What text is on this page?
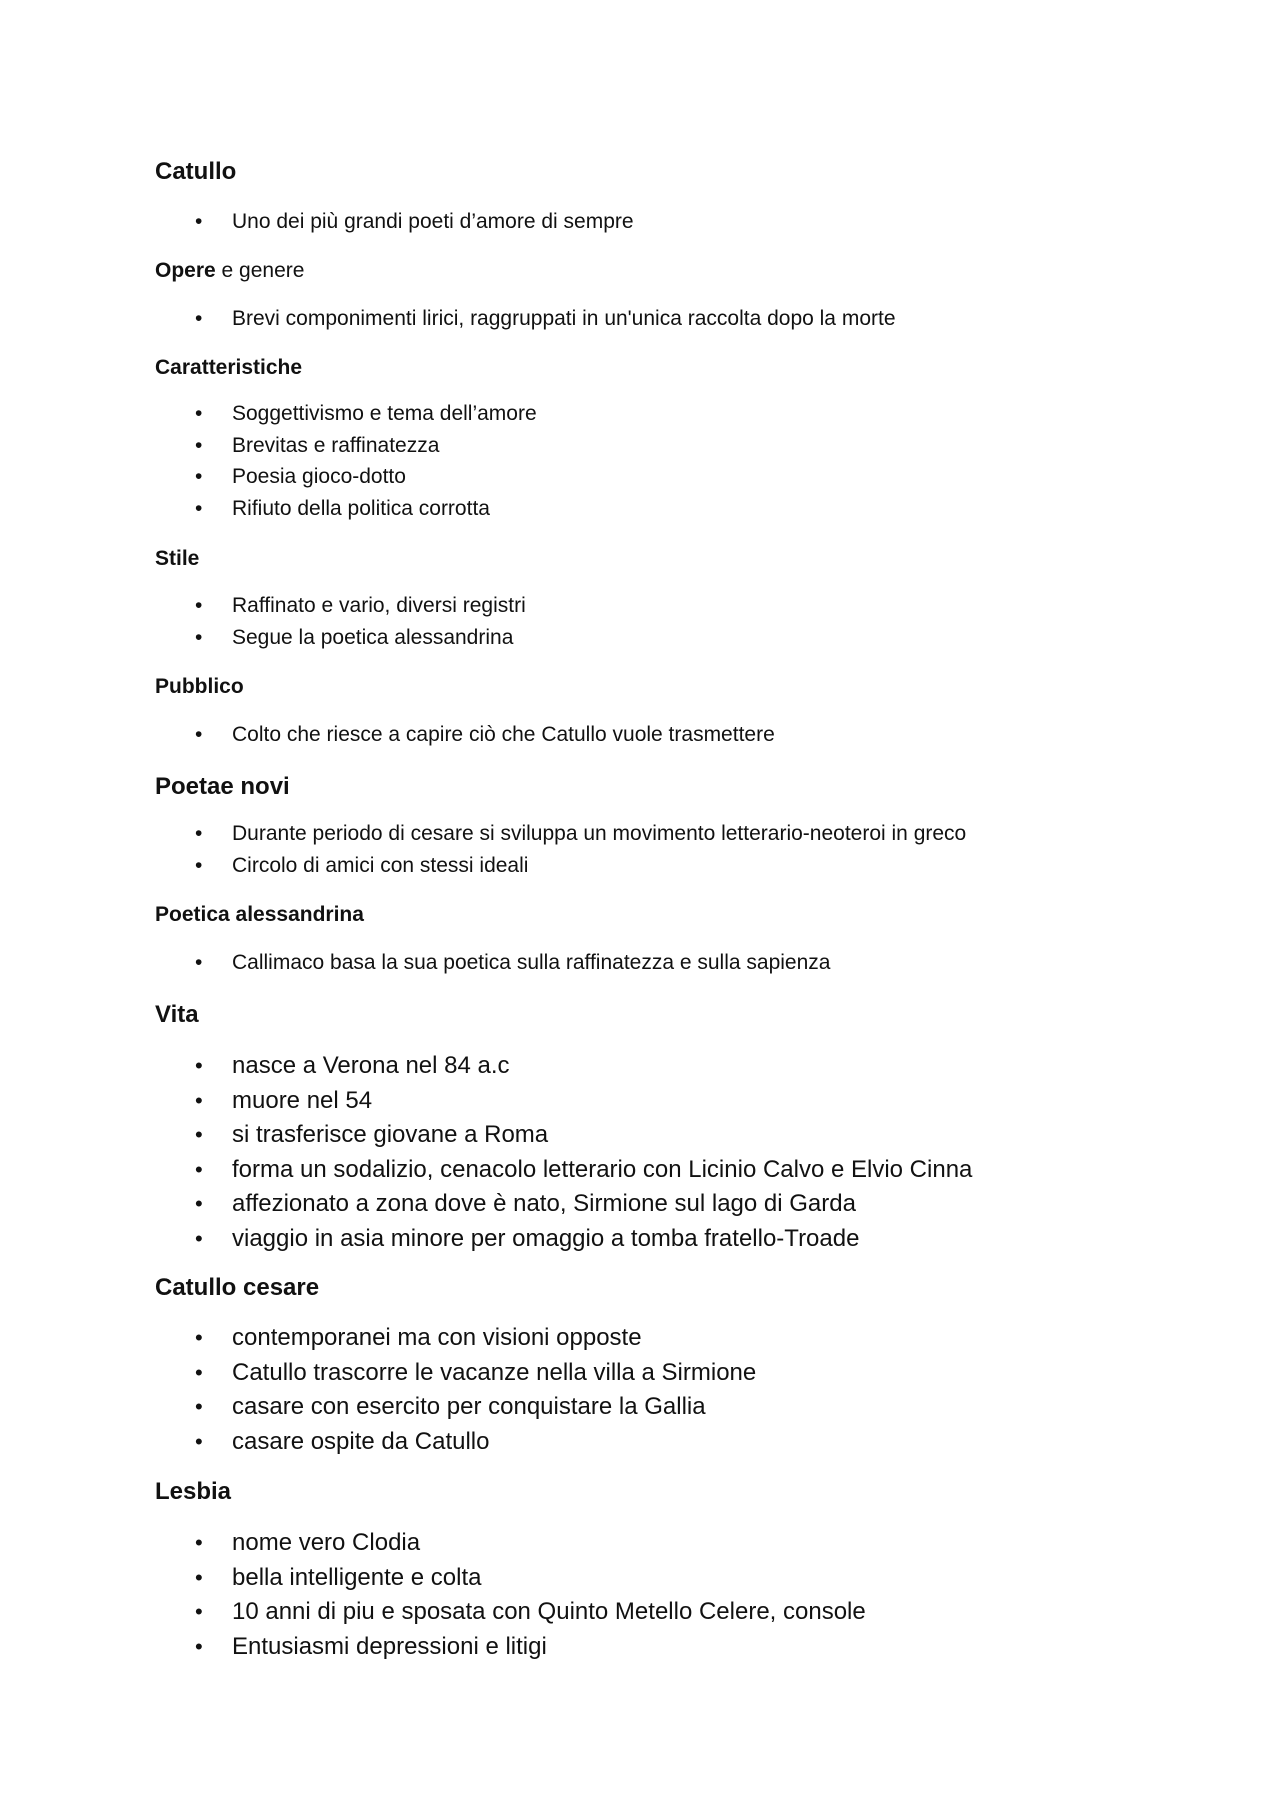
Catullo
• Uno dei più grandi poeti d’amore di sempre
Opere e genere
• Brevi componimenti lirici, raggruppati in un'unica raccolta dopo la morte
Caratteristiche
• Soggettivismo e tema dell’amore
• Brevitas e raffinatezza
• Poesia gioco-dotto
• Rifiuto della politica corrotta
Stile
• Raffinato e vario, diversi registri
• Segue la poetica alessandrina
Pubblico
• Colto che riesce a capire ciò che Catullo vuole trasmettere
Poetae novi
• Durante periodo di cesare si sviluppa un movimento letterario-neoteroi in greco
• Circolo di amici con stessi ideali
Poetica alessandrina
• Callimaco basa la sua poetica sulla raffinatezza e sulla sapienza
Vita
• nasce a Verona nel 84 a.c
• muore nel 54
• si trasferisce giovane a Roma
• forma un sodalizio, cenacolo letterario con Licinio Calvo e Elvio Cinna
• affezionato a zona dove è nato, Sirmione sul lago di Garda
• viaggio in asia minore per omaggio a tomba fratello-Troade
Catullo cesare
• contemporanei ma con visioni opposte
• Catullo trascorre le vacanze nella villa a Sirmione
• casare con esercito per conquistare la Gallia
• casare ospite da Catullo
Lesbia
• nome vero Clodia
• bella intelligente e colta
• 10 anni di piu e sposata con Quinto Metello Celere, console
• Entusiasmi depressioni e litigi
